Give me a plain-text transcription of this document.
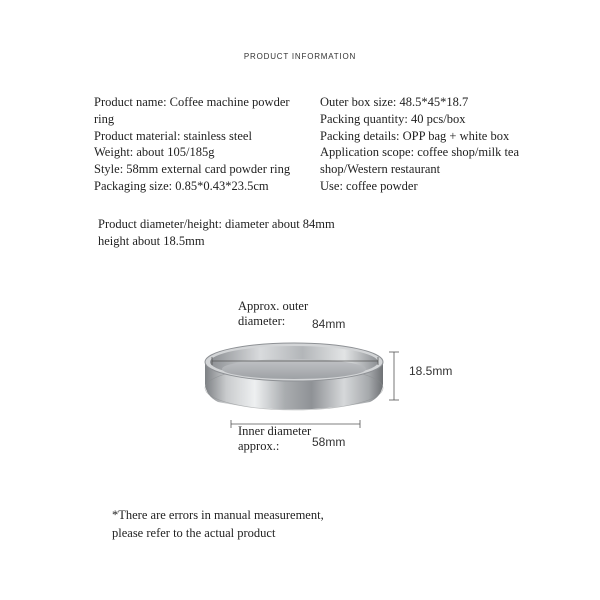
PRODUCT INFORMATION
Product name: Coffee machine powder ring
Product material: stainless steel
Weight: about 105/185g
Style: 58mm external card powder ring
Packaging size: 0.85*0.43*23.5cm
Outer box size: 48.5*45*18.7
Packing quantity: 40 pcs/box
Packing details: OPP bag + white box
Application scope: coffee shop/milk tea shop/Western restaurant
Use: coffee powder
Product diameter/height: diameter about 84mm
height about 18.5mm
Approx. outer
diameter:	84mm
18.5mm
Inner diameter
approx.:	58mm
*There are errors in manual measurement,
please refer to the actual product
